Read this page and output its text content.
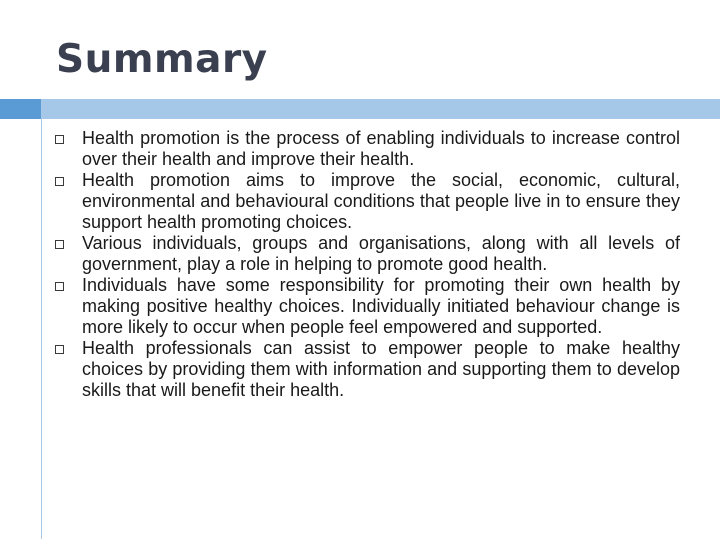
Summary
Health promotion is the process of enabling individuals to increase control over their health and improve their health.
Health promotion aims to improve the social, economic, cultural, environmental and behavioural conditions that people live in to ensure they support health promoting choices.
Various individuals, groups and organisations, along with all levels of government, play a role in helping to promote good health.
Individuals have some responsibility for promoting their own health by making positive healthy choices. Individually initiated behaviour change is more likely to occur when people feel empowered and supported.
Health professionals can assist to empower people to make healthy choices by providing them with information and supporting them to develop skills that will benefit their health.
